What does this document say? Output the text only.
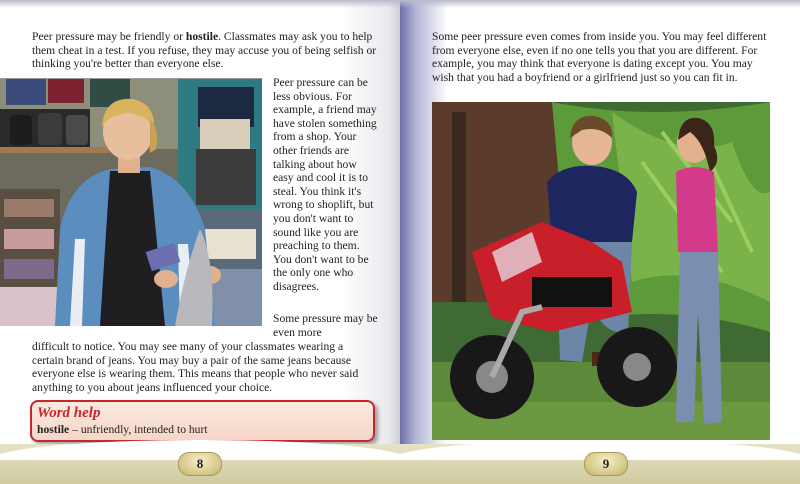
Peer pressure may be friendly or hostile. Classmates may ask you to help them cheat in a test. If you refuse, they may accuse you of being selfish or thinking you're better than everyone else.

Peer pressure can be less obvious. For example, a friend may have stolen something from a shop. Your other friends are talking about how easy and cool it is to steal. You think it's wrong to shoplift, but you don't want to sound like you are preaching to them. You don't want to be the only one who disagrees.

Some pressure may be even more

difficult to notice. You may see many of your classmates wearing a certain brand of jeans. You may buy a pair of the same jeans because everyone else is wearing them. This means that people who never said anything to you about jeans influenced your choice.

Word help
hostile – unfriendly, intended to hurt
8

Some peer pressure even comes from inside you. You may feel different from everyone else, even if no one tells you that you are different. For example, you may think that everyone is dating except you. You may wish that you had a boyfriend or a girlfriend just so you can fit in.

9
